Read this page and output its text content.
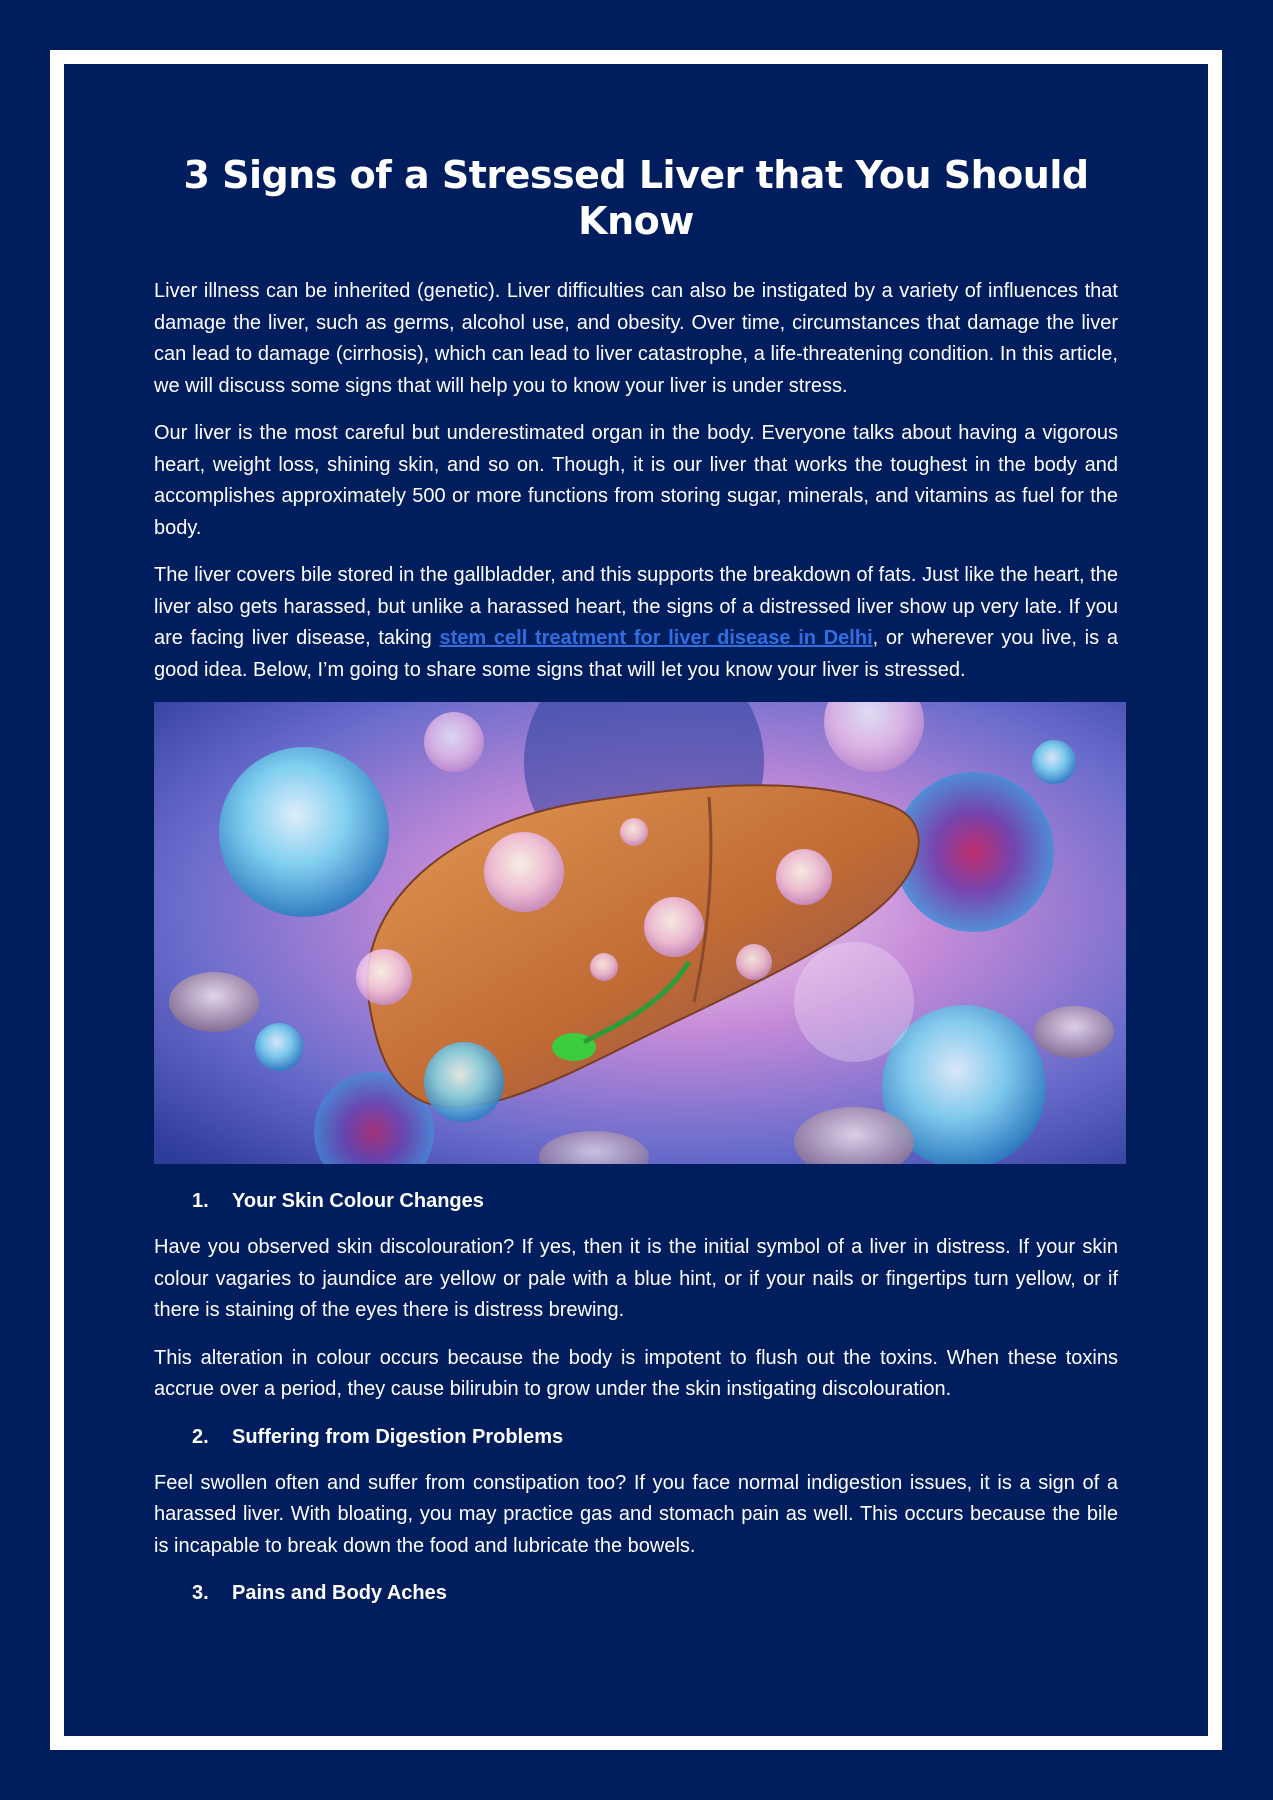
3 Signs of a Stressed Liver that You Should Know

Liver illness can be inherited (genetic). Liver difficulties can also be instigated by a variety of influences that damage the liver, such as germs, alcohol use, and obesity. Over time, circumstances that damage the liver can lead to damage (cirrhosis), which can lead to liver catastrophe, a life-threatening condition. In this article, we will discuss some signs that will help you to know your liver is under stress.

Our liver is the most careful but underestimated organ in the body. Everyone talks about having a vigorous heart, weight loss, shining skin, and so on. Though, it is our liver that works the toughest in the body and accomplishes approximately 500 or more functions from storing sugar, minerals, and vitamins as fuel for the body.

The liver covers bile stored in the gallbladder, and this supports the breakdown of fats. Just like the heart, the liver also gets harassed, but unlike a harassed heart, the signs of a distressed liver show up very late. If you are facing liver disease, taking stem cell treatment for liver disease in Delhi, or wherever you live, is a good idea. Below, I’m going to share some signs that will let you know your liver is stressed.

1.	Your Skin Colour Changes

Have you observed skin discolouration? If yes, then it is the initial symbol of a liver in distress. If your skin colour vagaries to jaundice are yellow or pale with a blue hint, or if your nails or fingertips turn yellow, or if there is staining of the eyes there is distress brewing.

This alteration in colour occurs because the body is impotent to flush out the toxins. When these toxins accrue over a period, they cause bilirubin to grow under the skin instigating discolouration.

2.	Suffering from Digestion Problems

Feel swollen often and suffer from constipation too? If you face normal indigestion issues, it is a sign of a harassed liver. With bloating, you may practice gas and stomach pain as well. This occurs because the bile is incapable to break down the food and lubricate the bowels.

3.	Pains and Body Aches
